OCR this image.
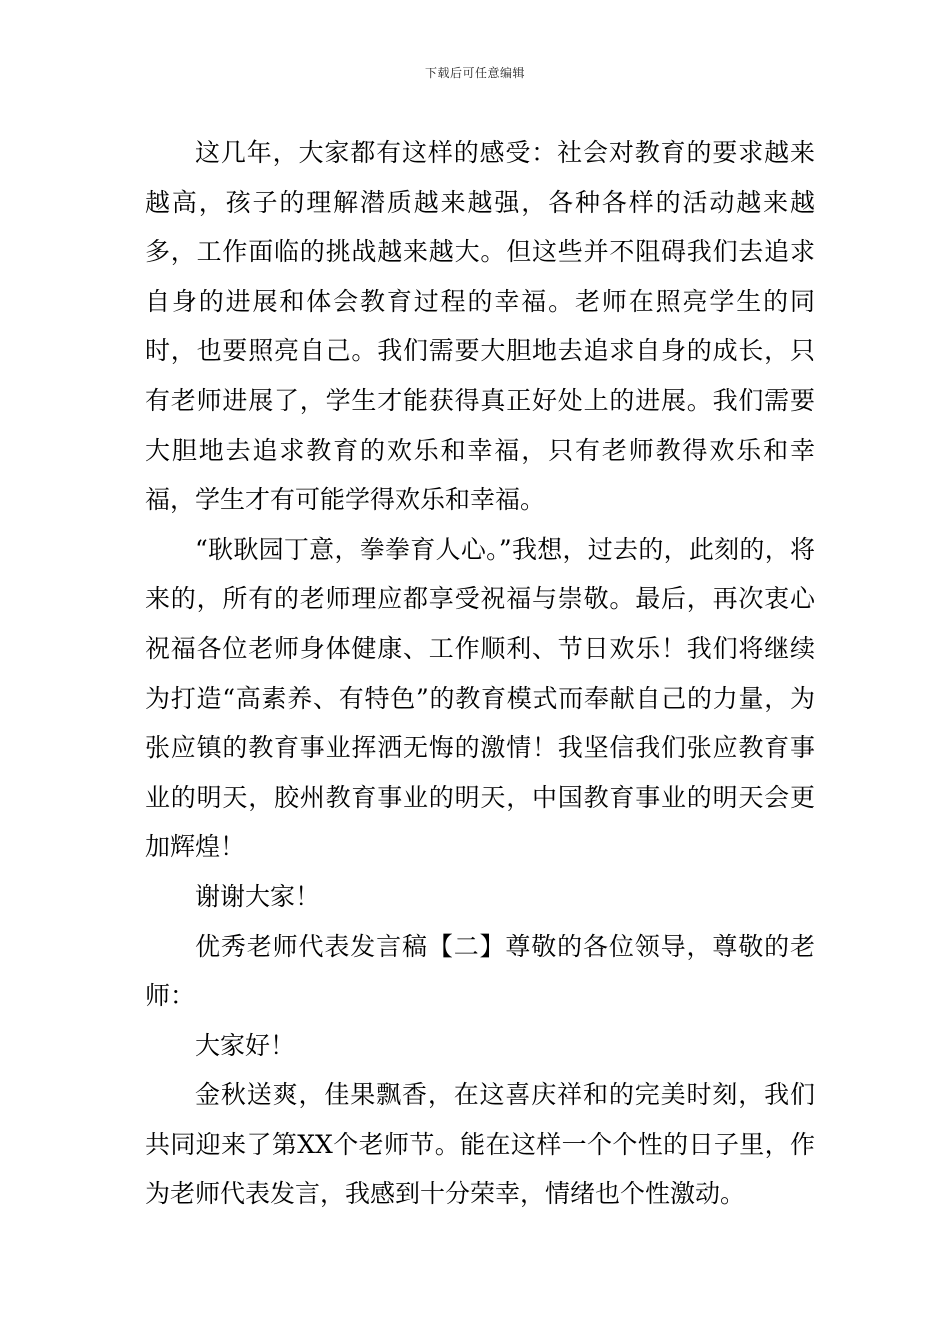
下载后可任意编辑

这几年，大家都有这样的感受：社会对教育的要求越来越高，孩子的理解潜质越来越强，各种各样的活动越来越多，工作面临的挑战越来越大。但这些并不阻碍我们去追求自身的进展和体会教育过程的幸福。老师在照亮学生的同时，也要照亮自己。我们需要大胆地去追求自身的成长，只有老师进展了，学生才能获得真正好处上的进展。我们需要大胆地去追求教育的欢乐和幸福，只有老师教得欢乐和幸福，学生才有可能学得欢乐和幸福。

“耿耿园丁意，拳拳育人心。”我想，过去的，此刻的，将来的，所有的老师理应都享受祝福与崇敬。最后，再次衷心祝福各位老师身体健康、工作顺利、节日欢乐！我们将继续为打造“高素养、有特色”的教育模式而奉献自己的力量，为张应镇的教育事业挥洒无悔的激情！我坚信我们张应教育事业的明天，胶州教育事业的明天，中国教育事业的明天会更加辉煌！

谢谢大家！

优秀老师代表发言稿【二】尊敬的各位领导，尊敬的老师：

大家好！

金秋送爽，佳果飘香，在这喜庆祥和的完美时刻，我们共同迎来了第XX个老师节。能在这样一个个性的日子里，作为老师代表发言，我感到十分荣幸，情绪也个性激动。
